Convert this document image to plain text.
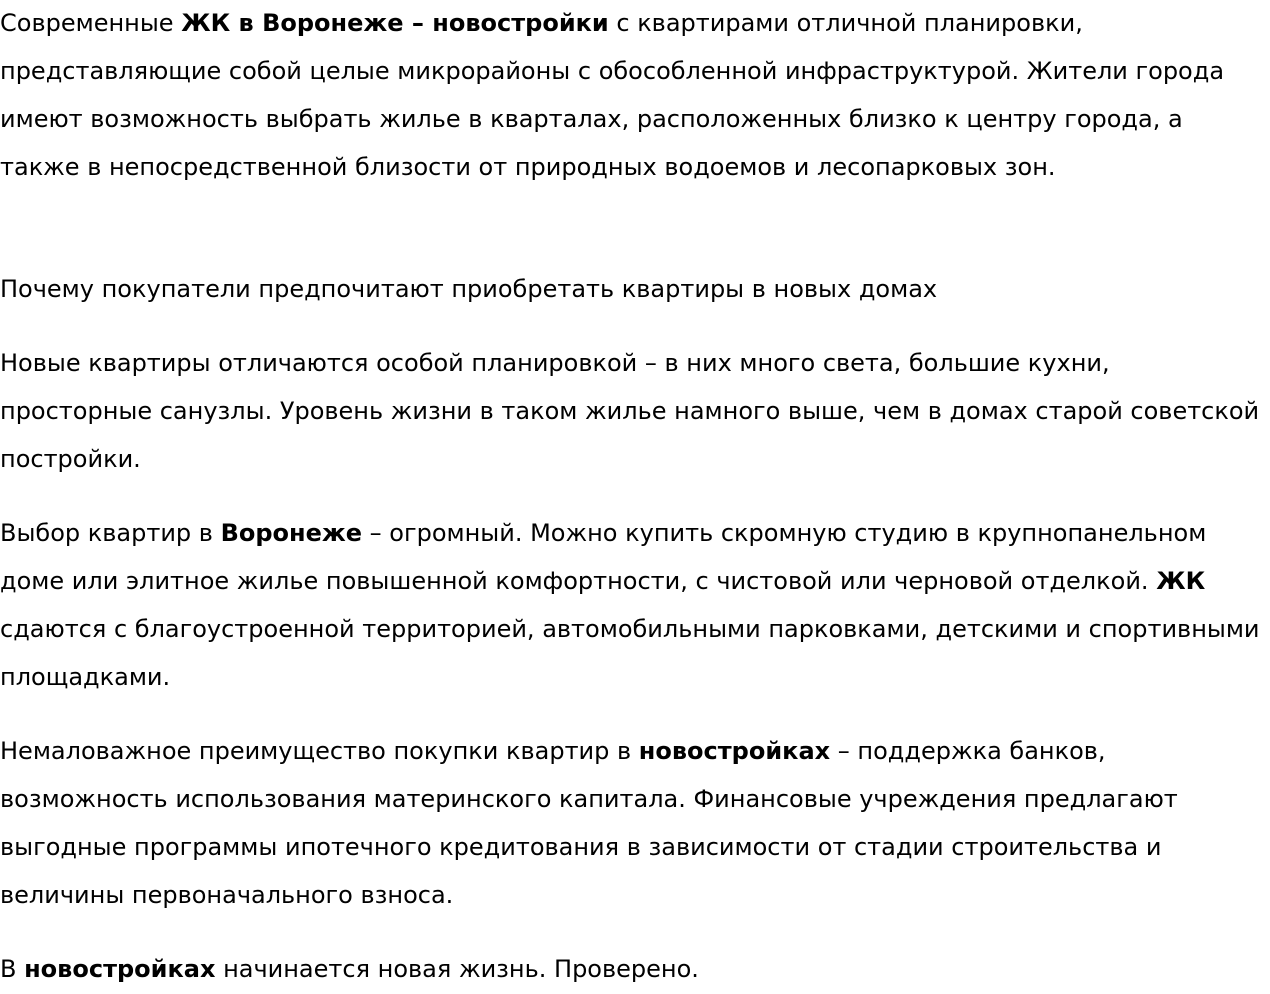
Современные ЖК в Воронеже – новостройки с квартирами отличной планировки, представляющие собой целые микрорайоны с обособленной инфраструктурой. Жители города имеют возможность выбрать жилье в кварталах, расположенных близко к центру города, а также в непосредственной близости от природных водоемов и лесопарковых зон.

Почему покупатели предпочитают приобретать квартиры в новых домах

Новые квартиры отличаются особой планировкой – в них много света, большие кухни, просторные санузлы. Уровень жизни в таком жилье намного выше, чем в домах старой советской постройки.

Выбор квартир в Воронеже – огромный. Можно купить скромную студию в крупнопанельном доме или элитное жилье повышенной комфортности, с чистовой или черновой отделкой. ЖК сдаются с благоустроенной территорией, автомобильными парковками, детскими и спортивными площадками.

Немаловажное преимущество покупки квартир в новостройках – поддержка банков, возможность использования материнского капитала. Финансовые учреждения предлагают выгодные программы ипотечного кредитования в зависимости от стадии строительства и величины первоначального взноса.

В новостройках начинается новая жизнь. Проверено.
